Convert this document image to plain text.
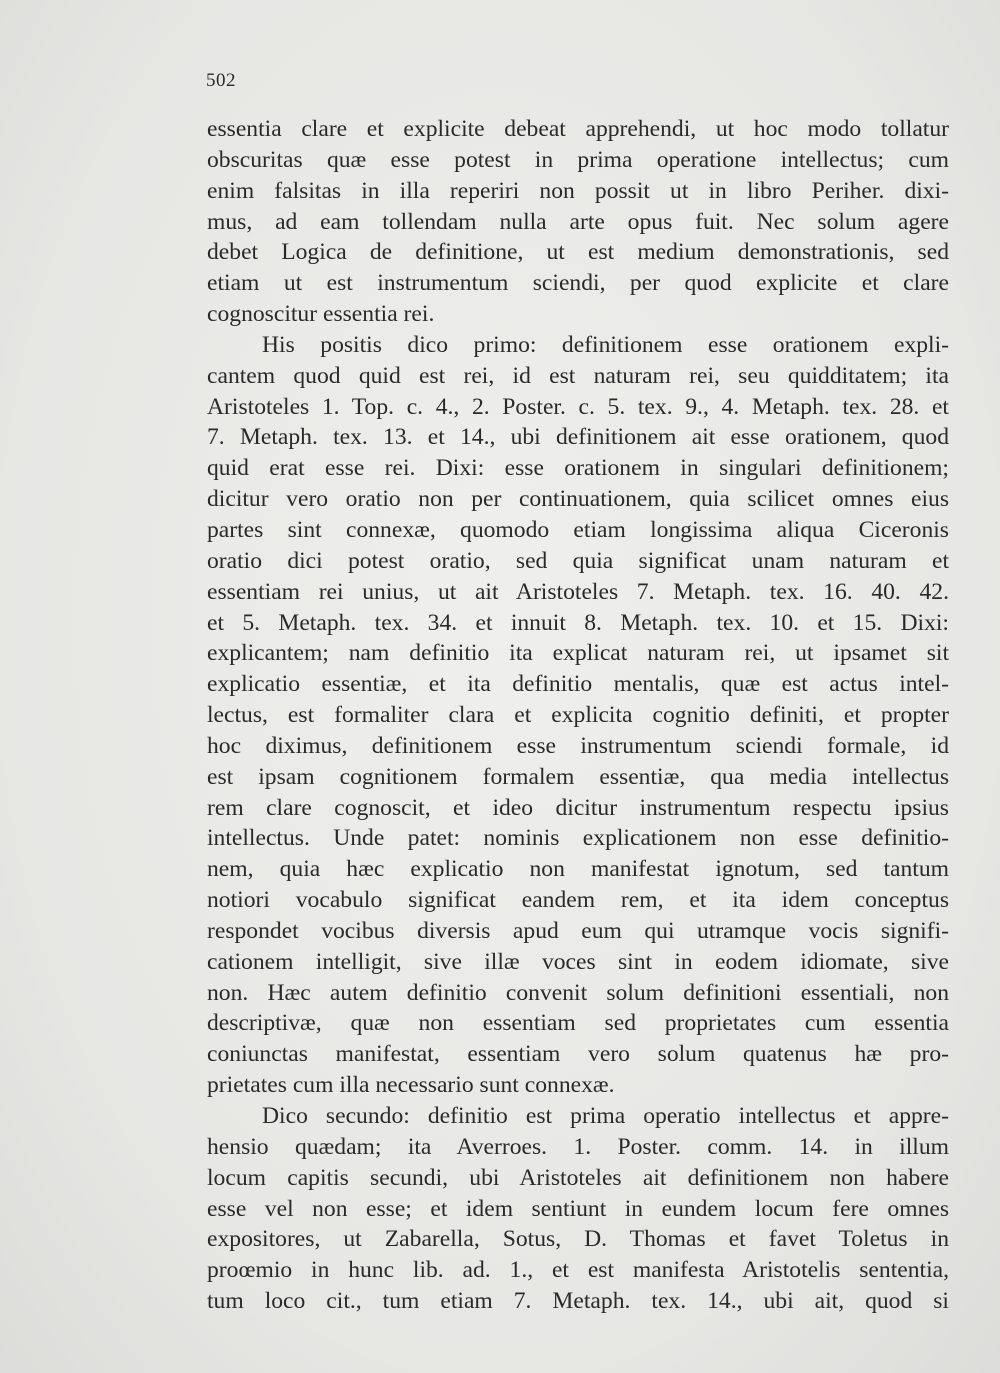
502
essentia clare et explicite debeat apprehendi, ut hoc modo tollatur
obscuritas quæ esse potest in prima operatione intellectus; cum
enim falsitas in illa reperiri non possit ut in libro Periher. dixi-
mus, ad eam tollendam nulla arte opus fuit. Nec solum agere
debet Logica de definitione, ut est medium demonstrationis, sed
etiam ut est instrumentum sciendi, per quod explicite et clare
cognoscitur essentia rei.
His positis dico primo: definitionem esse orationem expli-
cantem quod quid est rei, id est naturam rei, seu quidditatem; ita
Aristoteles 1. Top. c. 4., 2. Poster. c. 5. tex. 9., 4. Metaph. tex. 28. et
7. Metaph. tex. 13. et 14., ubi definitionem ait esse orationem, quod
quid erat esse rei. Dixi: esse orationem in singulari definitionem;
dicitur vero oratio non per continuationem, quia scilicet omnes eius
partes sint connexæ, quomodo etiam longissima aliqua Ciceronis
oratio dici potest oratio, sed quia significat unam naturam et
essentiam rei unius, ut ait Aristoteles 7. Metaph. tex. 16. 40. 42.
et 5. Metaph. tex. 34. et innuit 8. Metaph. tex. 10. et 15. Dixi:
explicantem; nam definitio ita explicat naturam rei, ut ipsamet sit
explicatio essentiæ, et ita definitio mentalis, quæ est actus intel-
lectus, est formaliter clara et explicita cognitio definiti, et propter
hoc diximus, definitionem esse instrumentum sciendi formale, id
est ipsam cognitionem formalem essentiæ, qua media intellectus
rem clare cognoscit, et ideo dicitur instrumentum respectu ipsius
intellectus. Unde patet: nominis explicationem non esse definitio-
nem, quia hæc explicatio non manifestat ignotum, sed tantum
notiori vocabulo significat eandem rem, et ita idem conceptus
respondet vocibus diversis apud eum qui utramque vocis signifi-
cationem intelligit, sive illæ voces sint in eodem idiomate, sive
non. Hæc autem definitio convenit solum definitioni essentiali, non
descriptivæ, quæ non essentiam sed proprietates cum essentia
coniunctas manifestat, essentiam vero solum quatenus hæ pro-
prietates cum illa necessario sunt connexæ.
Dico secundo: definitio est prima operatio intellectus et appre-
hensio quædam; ita Averroes. 1. Poster. comm. 14. in illum
locum capitis secundi, ubi Aristoteles ait definitionem non habere
esse vel non esse; et idem sentiunt in eundem locum fere omnes
expositores, ut Zabarella, Sotus, D. Thomas et favet Toletus in
proœmio in hunc lib. ad. 1., et est manifesta Aristotelis sententia,
tum loco cit., tum etiam 7. Metaph. tex. 14., ubi ait, quod si
